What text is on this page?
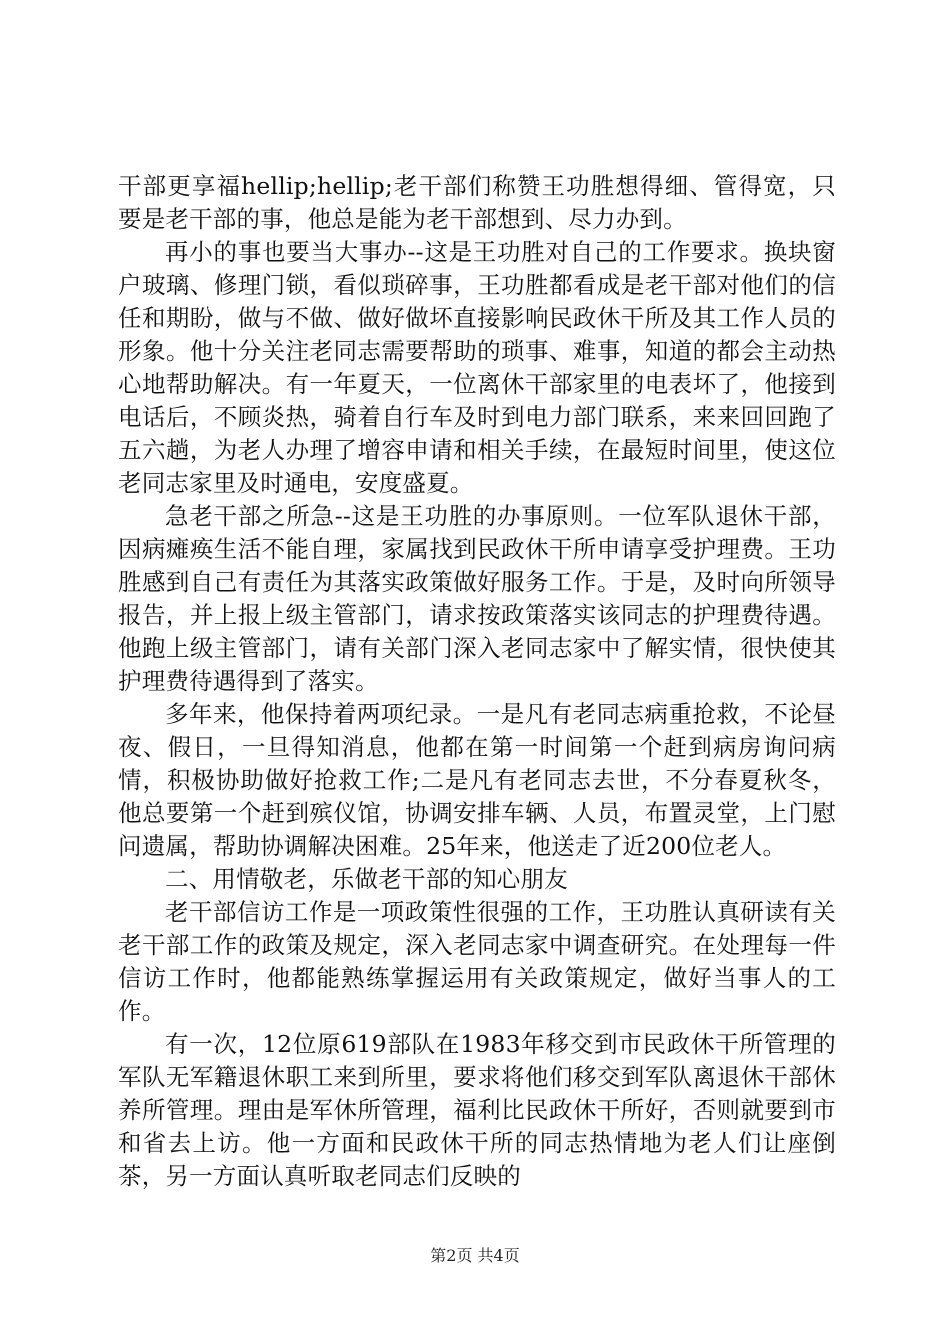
干部更享福hellip;hellip;老干部们称赞王功胜想得细、管得宽，只要是老干部的事，他总是能为老干部想到、尽力办到。

再小的事也要当大事办--这是王功胜对自己的工作要求。换块窗户玻璃、修理门锁，看似琐碎事，王功胜都看成是老干部对他们的信任和期盼，做与不做、做好做坏直接影响民政休干所及其工作人员的形象。他十分关注老同志需要帮助的琐事、难事，知道的都会主动热心地帮助解决。有一年夏天，一位离休干部家里的电表坏了，他接到电话后，不顾炎热，骑着自行车及时到电力部门联系，来来回回跑了五六趟，为老人办理了增容申请和相关手续，在最短时间里，使这位老同志家里及时通电，安度盛夏。

急老干部之所急--这是王功胜的办事原则。一位军队退休干部，因病瘫痪生活不能自理，家属找到民政休干所申请享受护理费。王功胜感到自己有责任为其落实政策做好服务工作。于是，及时向所领导报告，并上报上级主管部门，请求按政策落实该同志的护理费待遇。他跑上级主管部门，请有关部门深入老同志家中了解实情，很快使其护理费待遇得到了落实。

多年来，他保持着两项纪录。一是凡有老同志病重抢救，不论昼夜、假日，一旦得知消息，他都在第一时间第一个赶到病房询问病情，积极协助做好抢救工作;二是凡有老同志去世，不分春夏秋冬，他总要第一个赶到殡仪馆，协调安排车辆、人员，布置灵堂，上门慰问遗属，帮助协调解决困难。25年来，他送走了近200位老人。

二、用情敬老，乐做老干部的知心朋友

老干部信访工作是一项政策性很强的工作，王功胜认真研读有关老干部工作的政策及规定，深入老同志家中调查研究。在处理每一件信访工作时，他都能熟练掌握运用有关政策规定，做好当事人的工作。

有一次，12位原619部队在1983年移交到市民政休干所管理的军队无军籍退休职工来到所里，要求将他们移交到军队离退休干部休养所管理。理由是军休所管理，福利比民政休干所好，否则就要到市和省去上访。他一方面和民政休干所的同志热情地为老人们让座倒茶，另一方面认真听取老同志们反映的

第2页 共4页
